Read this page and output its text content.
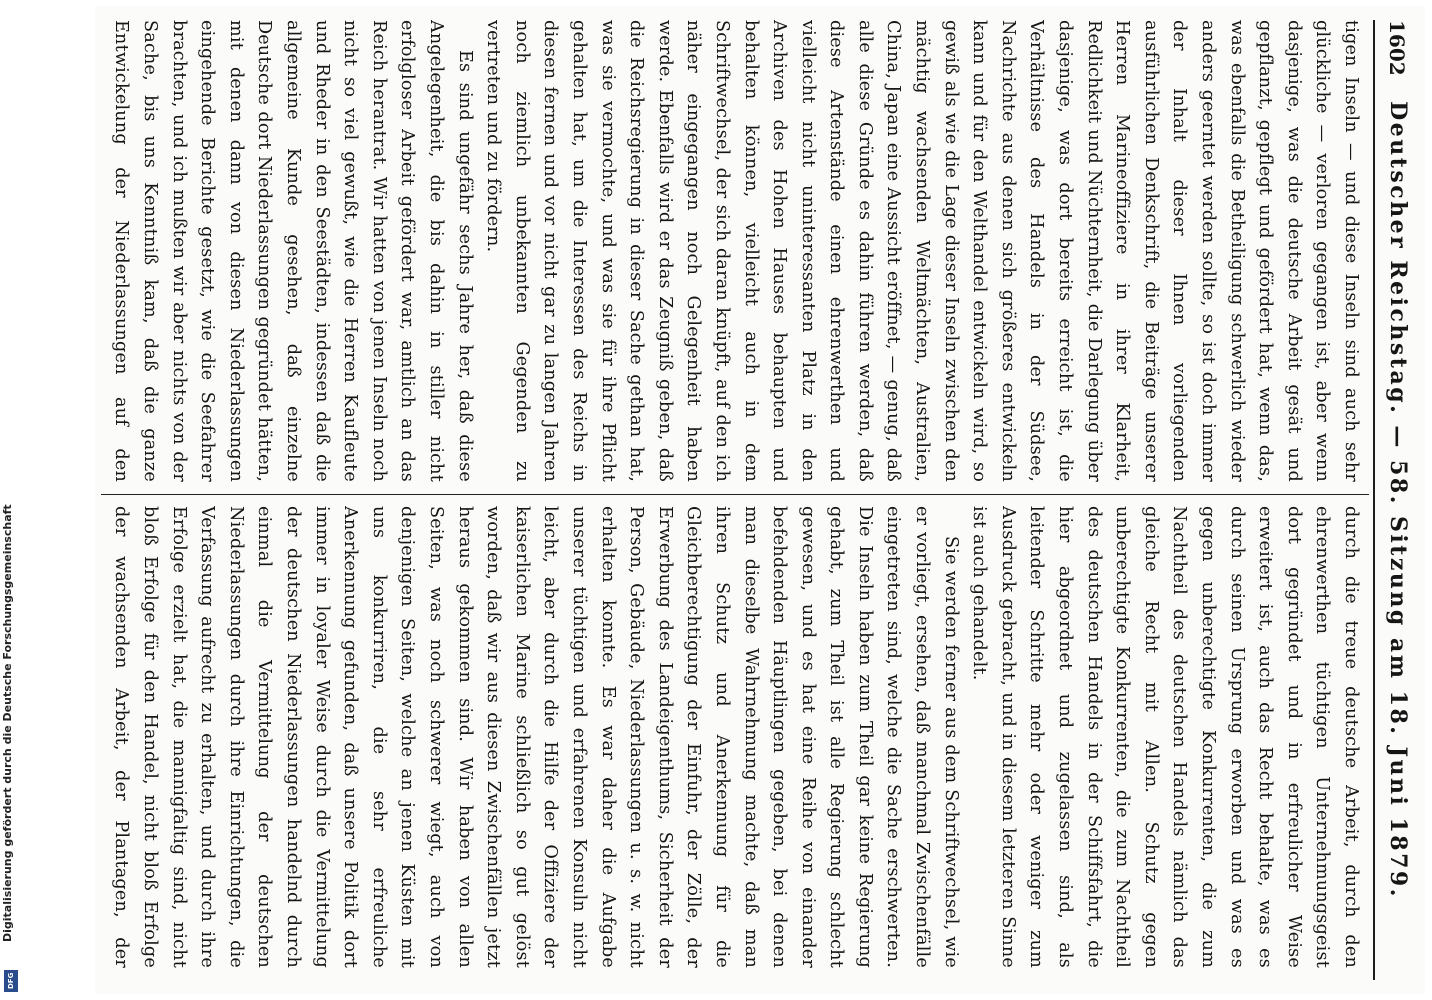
1602
Deutscher Reichstag. — 58. Sitzung am 18. Juni 1879.

tigen Inseln — und diese Inseln sind auch sehr glückliche — verloren gegangen ist, aber wenn dasjenige, was die deutsche Arbeit gesät und gepflanzt, gepflegt und gefördert hat, wenn das, was ebenfalls die Betheiligung schwerlich wieder anders geerntet werden sollte, so ist doch immer der Inhalt dieser Ihnen vorliegenden ausführlichen Denkschrift, die Beiträge unserer Herren Marineoffiziere in ihrer Klarheit, Redlichkeit und Nüchternheit, die Darlegung über dasjenige, was dort bereits erreicht ist, die Verhältnisse des Handels in der Südsee, Nachrichte aus denen sich größeres entwickeln kann und für den Welthandel entwickeln wird, so gewiß als wie die Lage dieser Inseln zwischen den mächtig wachsenden Weltmächten, Australien, China, Japan eine Aussicht eröffnet, — genug, daß alle diese Gründe es dahin führen werden, daß diese Artenstände einen ehrenwerthen und vielleicht nicht uninteressanten Platz in den Archiven des Hohen Hauses behaupten und behalten können, vielleicht auch in dem Schriftwechsel, der sich daran knüpft, auf den ich näher eingegangen noch Gelegenheit haben werde. Ebenfalls wird er das Zeugniß geben, daß die Reichsregierung in dieser Sache gethan hat, was sie vermochte, und was sie für ihre Pflicht gehalten hat, um die Interessen des Reichs in diesen fernen und vor nicht gar zu langen Jahren noch ziemlich unbekannten Gegenden zu vertreten und zu fördern.

Es sind ungefähr sechs Jahre her, daß diese Angelegenheit, die bis dahin in stiller nicht erfolgloser Arbeit gefördert war, amtlich an das Reich herantrat. Wir hatten von jenen Inseln noch nicht so viel gewußt, wie die Herren Kaufleute und Rheder in den Seestädten, indessen daß die allgemeine Kunde gesehen, daß einzelne Deutsche dort Niederlassungen gegründet hätten, mit denen dann von diesen Niederlassungen eingehende Berichte gesetzt, wie die Seefahrer brachten, und ich mußten wir aber nichts von der Sache, bis uns Kenntniß kam, daß die ganze Entwickelung der Niederlassungen auf den

durch die treue deutsche Arbeit, durch den ehrenwerthen tüchtigen Unternehmungsgeist dort gegründet und in erfreulicher Weise erweitert ist, auch das Recht behalte, was es durch seinen Ursprung erworben und was es gegen unberechtigte Konkurrenten, die zum Nachtheil des deutschen Handels nämlich das gleiche Recht mit Allen. Schutz gegen unberechtigte Konkurrenten, die zum Nachtheil des deutschen Handels in der Schiffsfahrt, die hier abgeordnet und zugelassen sind, als leitender Schritte mehr oder weniger zum Ausdruck gebracht, und in diesem letzteren Sinne ist auch gehandelt.

Sie werden ferner aus dem Schriftwechsel, wie er vorliegt, ersehen, daß manchmal Zwischenfälle eingetreten sind, welche die Sache erschwerten. Die Inseln haben zum Theil gar keine Regierung gehabt, zum Theil ist alle Regierung schlecht gewesen, und es hat eine Reihe von einander befehdenden Häuptlingen gegeben, bei denen man dieselbe Wahrnehmung machte, daß man ihren Schutz und Anerkennung für die Gleichberechtigung der Einfuhr, der Zölle, der Erwerbung des Landeigenthums, Sicherheit der Person, Gebäude, Niederlassungen u. s. w. nicht erhalten konnte. Es war daher die Aufgabe unserer tüchtigen und erfahrenen Konsuln nicht leicht, aber durch die Hilfe der Offiziere der kaiserlichen Marine schließlich so gut gelöst worden, daß wir aus diesen Zwischenfällen jetzt heraus gekommen sind. Wir haben von allen Seiten, was noch schwerer wiegt, auch von denjenigen Seiten, welche an jenen Küsten mit uns konkurriren, die sehr erfreuliche Anerkennung gefunden, daß unsere Politik dort immer in loyaler Weise durch die Vermittelung der deutschen Niederlassungen handelnd durch einmal die Vermittelung der deutschen Niederlassungen durch ihre Einrichtungen, die Verfassung aufrecht zu erhalten, und durch ihre Erfolge erzielt hat, die mannigfaltig sind, nicht bloß Erfolge für den Handel, nicht bloß Erfolge der wachsenden Arbeit, der Plantagen, der

Digitalisierung gefördert durch die Deutsche Forschungsgemeinschaft
DFG
